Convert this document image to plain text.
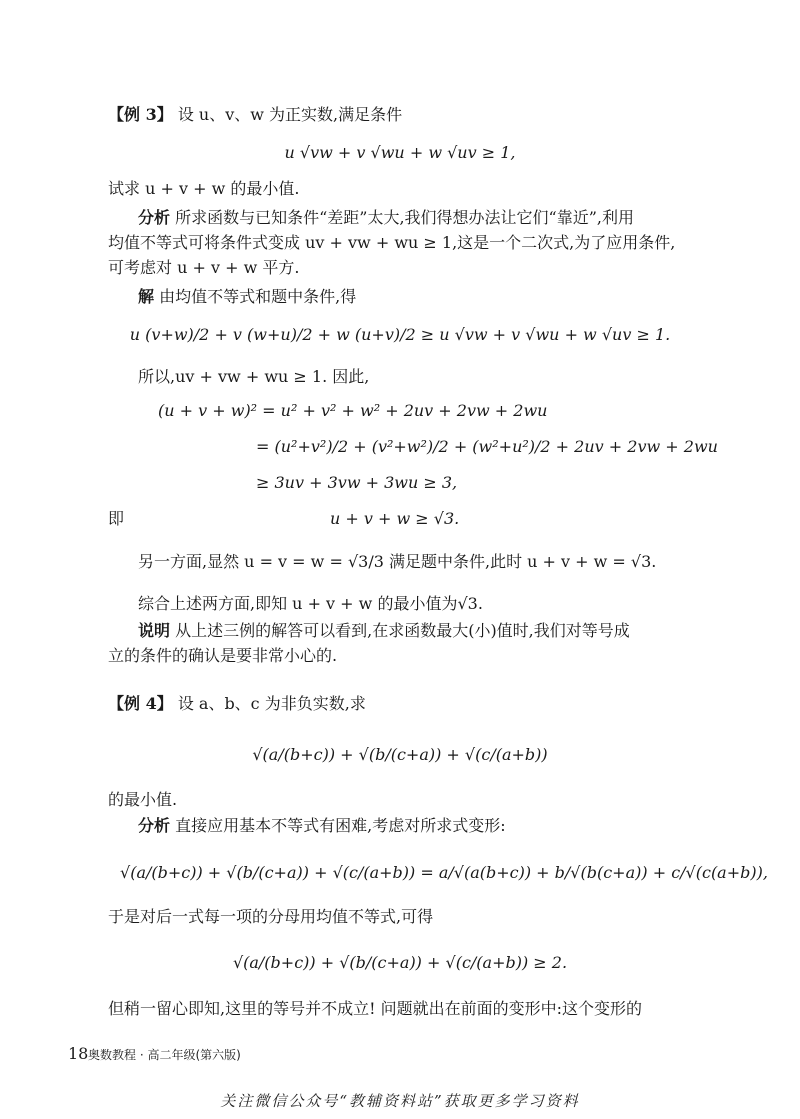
【例 3】 设 u、v、w 为正实数,满足条件
u √vw + v √wu + w √uv ≥ 1,
试求 u + v + w 的最小值.
分析 所求函数与已知条件“差距”太大,我们得想办法让它们“靠近”,利用
均值不等式可将条件式变成 uv + vw + wu ≥ 1,这是一个二次式,为了应用条件,
可考虑对 u + v + w 平方.
解 由均值不等式和题中条件,得
u (v+w)/2 + v (w+u)/2 + w (u+v)/2 ≥ u √vw + v √wu + w √uv ≥ 1.
所以,uv + vw + wu ≥ 1. 因此,
(u + v + w)² = u² + v² + w² + 2uv + 2vw + 2wu
= (u²+v²)/2 + (v²+w²)/2 + (w²+u²)/2 + 2uv + 2vw + 2wu
≥ 3uv + 3vw + 3wu ≥ 3,
即	u + v + w ≥ √3.
另一方面,显然 u = v = w = √3/3 满足题中条件,此时 u + v + w = √3.
综合上述两方面,即知 u + v + w 的最小值为√3.
说明 从上述三例的解答可以看到,在求函数最大(小)值时,我们对等号成
立的条件的确认是要非常小心的.
【例 4】 设 a、b、c 为非负实数,求
√(a/(b+c)) + √(b/(c+a)) + √(c/(a+b))
的最小值.
分析 直接应用基本不等式有困难,考虑对所求式变形:
√(a/(b+c)) + √(b/(c+a)) + √(c/(a+b)) = a/√(a(b+c)) + b/√(b(c+a)) + c/√(c(a+b)),
于是对后一式每一项的分母用均值不等式,可得
√(a/(b+c)) + √(b/(c+a)) + √(c/(a+b)) ≥ 2.
但稍一留心即知,这里的等号并不成立! 问题就出在前面的变形中:这个变形的
18 奥数教程 · 高二年级(第六版)
关注微信公众号“教辅资料站”获取更多学习资料
